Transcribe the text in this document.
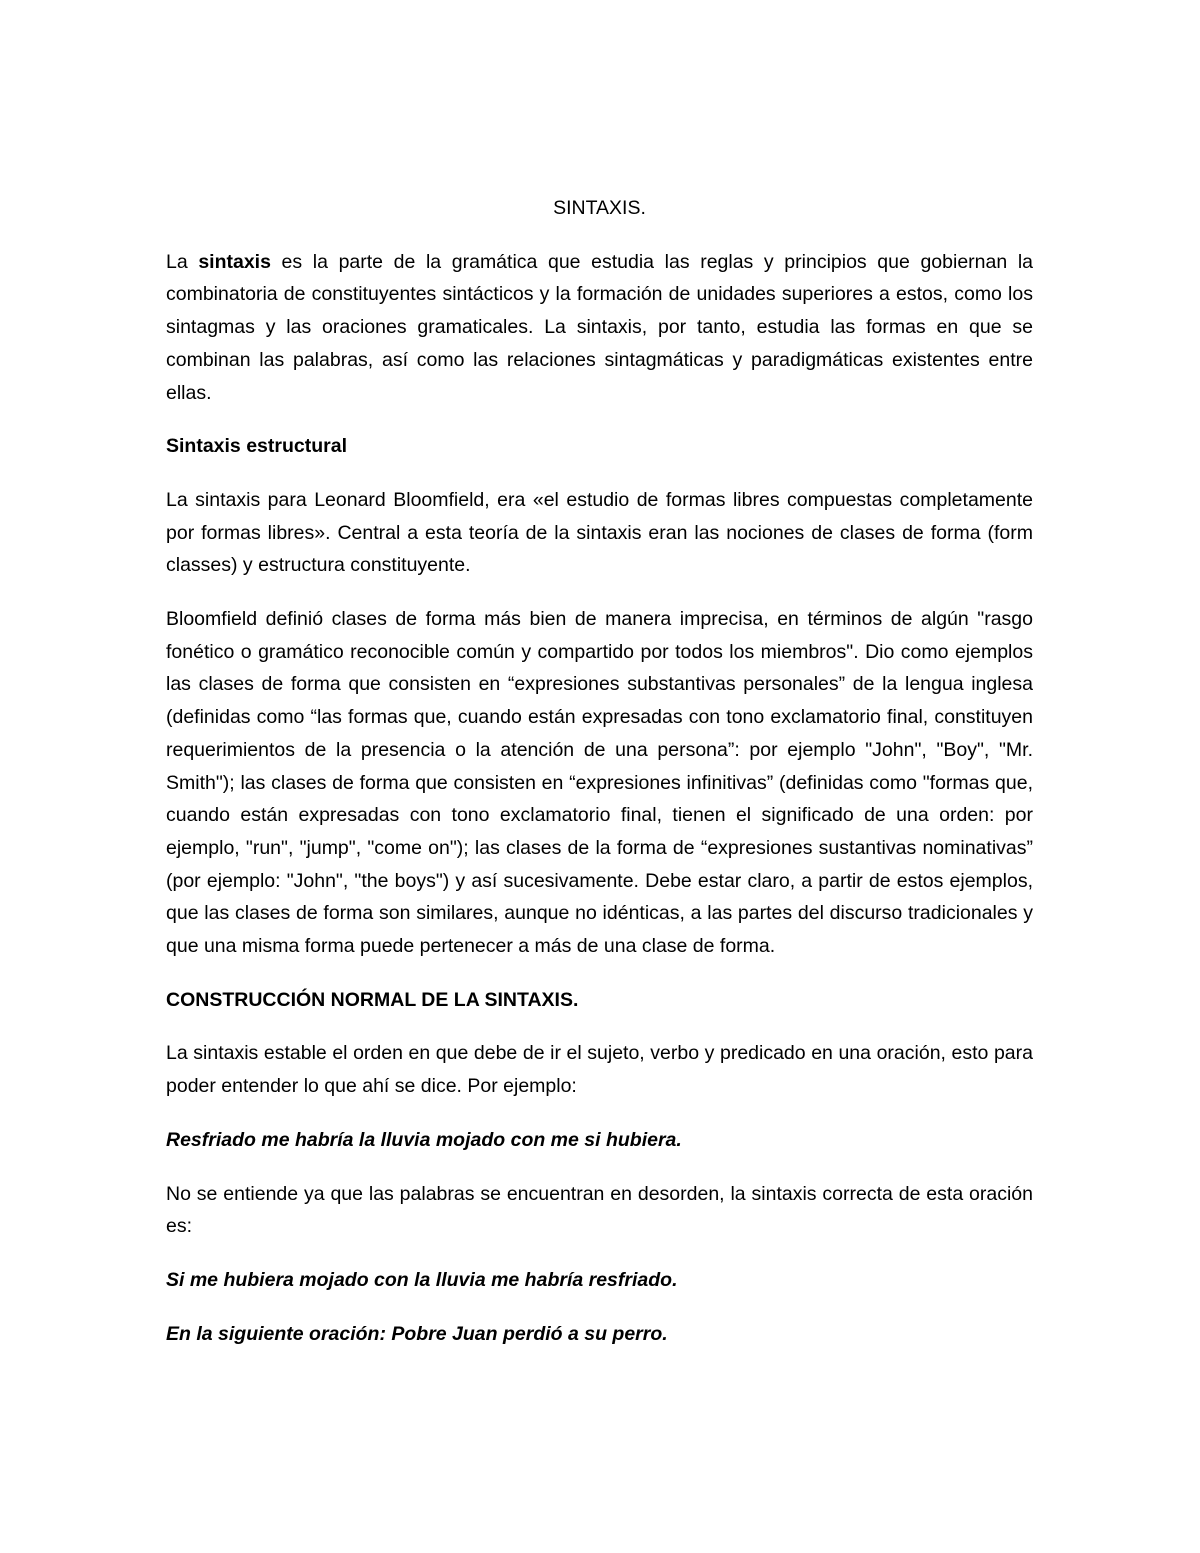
SINTAXIS.

La sintaxis es la parte de la gramática que estudia las reglas y principios que gobiernan la combinatoria de constituyentes sintácticos y la formación de unidades superiores a estos, como los sintagmas y las oraciones gramaticales. La sintaxis, por tanto, estudia las formas en que se combinan las palabras, así como las relaciones sintagmáticas y paradigmáticas existentes entre ellas.

Sintaxis estructural

La sintaxis para Leonard Bloomfield, era «el estudio de formas libres compuestas completamente por formas libres». Central a esta teoría de la sintaxis eran las nociones de clases de forma (form classes) y estructura constituyente.

Bloomfield definió clases de forma más bien de manera imprecisa, en términos de algún "rasgo fonético o gramático reconocible común y compartido por todos los miembros". Dio como ejemplos las clases de forma que consisten en “expresiones substantivas personales” de la lengua inglesa (definidas como “las formas que, cuando están expresadas con tono exclamatorio final, constituyen requerimientos de la presencia o la atención de una persona”: por ejemplo "John", "Boy", "Mr. Smith"); las clases de forma que consisten en “expresiones infinitivas” (definidas como "formas que, cuando están expresadas con tono exclamatorio final, tienen el significado de una orden: por ejemplo, "run", "jump", "come on"); las clases de la forma de “expresiones sustantivas nominativas” (por ejemplo: "John", "the boys") y así sucesivamente. Debe estar claro, a partir de estos ejemplos, que las clases de forma son similares, aunque no idénticas, a las partes del discurso tradicionales y que una misma forma puede pertenecer a más de una clase de forma.

CONSTRUCCIÓN NORMAL DE LA SINTAXIS.

La sintaxis estable el orden en que debe de ir el sujeto, verbo y predicado en una oración, esto para poder entender lo que ahí se dice. Por ejemplo:

Resfriado me habría la lluvia mojado con me si hubiera.

No se entiende ya que las palabras se encuentran en desorden, la sintaxis correcta de esta oración es:

Si me hubiera mojado con la lluvia me habría resfriado.

En la siguiente oración: Pobre Juan perdió a su perro.
